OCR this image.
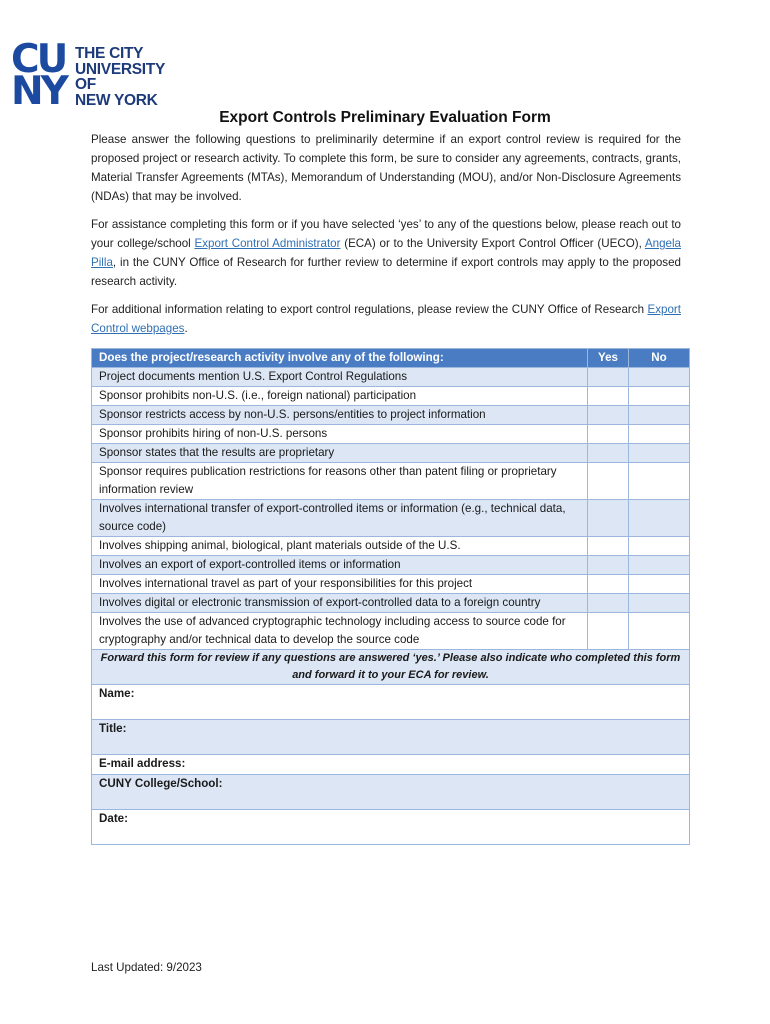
CU
NY
THE CITY
UNIVERSITY
OF
NEW YORK
Export Controls Preliminary Evaluation Form
Please answer the following questions to preliminarily determine if an export control review is required for the proposed project or research activity. To complete this form, be sure to consider any agreements, contracts, grants, Material Transfer Agreements (MTAs), Memorandum of Understanding (MOU), and/or Non-Disclosure Agreements (NDAs) that may be involved.
For assistance completing this form or if you have selected ‘yes’ to any of the questions below, please reach out to your college/school Export Control Administrator (ECA) or to the University Export Control Officer (UECO), Angela Pilla, in the CUNY Office of Research for further review to determine if export controls may apply to the proposed research activity.
For additional information relating to export control regulations, please review the CUNY Office of Research Export Control webpages.
Does the project/research activity involve any of the following:	Yes	No
Project documents mention U.S. Export Control Regulations		
Sponsor prohibits non-U.S. (i.e., foreign national) participation		
Sponsor restricts access by non-U.S. persons/entities to project information		
Sponsor prohibits hiring of non-U.S. persons		
Sponsor states that the results are proprietary		
Sponsor requires publication restrictions for reasons other than patent filing or proprietary information review		
Involves international transfer of export-controlled items or information (e.g., technical data, source code)		
Involves shipping animal, biological, plant materials outside of the U.S.		
Involves an export of export-controlled items or information		
Involves international travel as part of your responsibilities for this project		
Involves digital or electronic transmission of export-controlled data to a foreign country		
Involves the use of advanced cryptographic technology including access to source code for cryptography and/or technical data to develop the source code		
Forward this form for review if any questions are answered ‘yes.’ Please also indicate who completed this form and forward it to your ECA for review.		
Name:		
Title:		
E-mail address:		
CUNY College/School:		
Date:		
Last Updated: 9/2023
